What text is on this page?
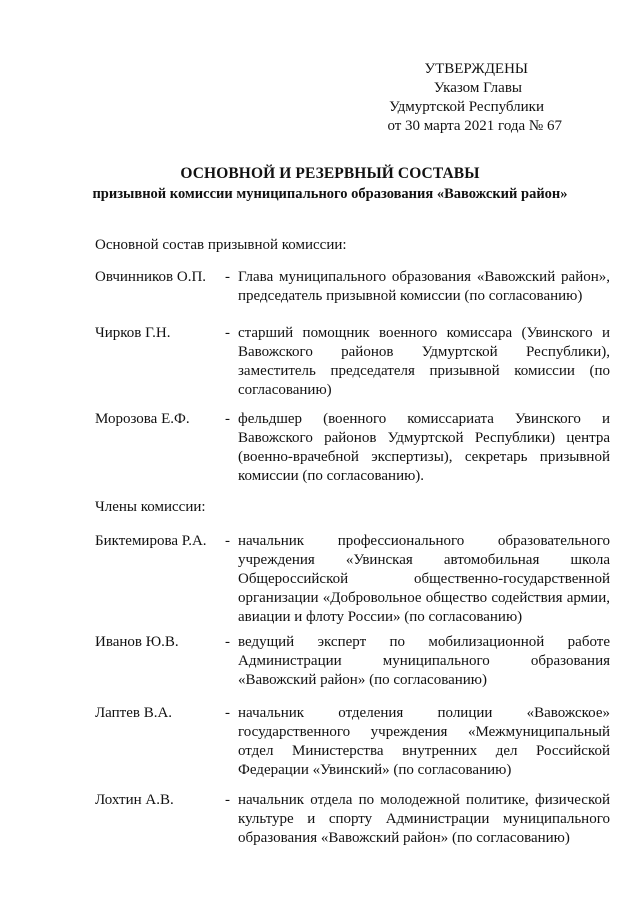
УТВЕРЖДЕНЫ
Указом Главы
Удмуртской Республики
от 30 марта 2021 года № 67
ОСНОВНОЙ И РЕЗЕРВНЫЙ СОСТАВЫ
призывной комиссии муниципального образования «Вавожский район»
Основной состав призывной комиссии:
Овчинников О.П. - Глава муниципального образования «Вавожский район», председатель призывной комиссии (по согласованию)
Чирков Г.Н.	- старший помощник военного комиссара (Увинского и Вавожского районов Удмуртской Республики), заместитель председателя призывной комиссии (по согласованию)
Морозова Е.Ф. - фельдшер (военного комиссариата Увинского и Вавожского районов Удмуртской Республики) центра (военно-врачебной экспертизы), секретарь призывной комиссии (по согласованию).
Члены комиссии:
Биктемирова Р.А. - начальник профессионального образовательного учреждения «Увинская автомобильная школа Общероссийской общественно-государственной организации «Добровольное общество содействия армии, авиации и флоту России» (по согласованию)
Иванов Ю.В.	- ведущий эксперт по мобилизационной работе Администрации муниципального образования «Вавожский район» (по согласованию)
Лаптев В.А.	- начальник отделения полиции «Вавожское» государственного учреждения «Межмуниципальный отдел Министерства внутренних дел Российской Федерации «Увинский» (по согласованию)
Лохтин А.В.	- начальник отдела по молодежной политике, физической культуре и спорту Администрации муниципального образования «Вавожский район» (по согласованию)
